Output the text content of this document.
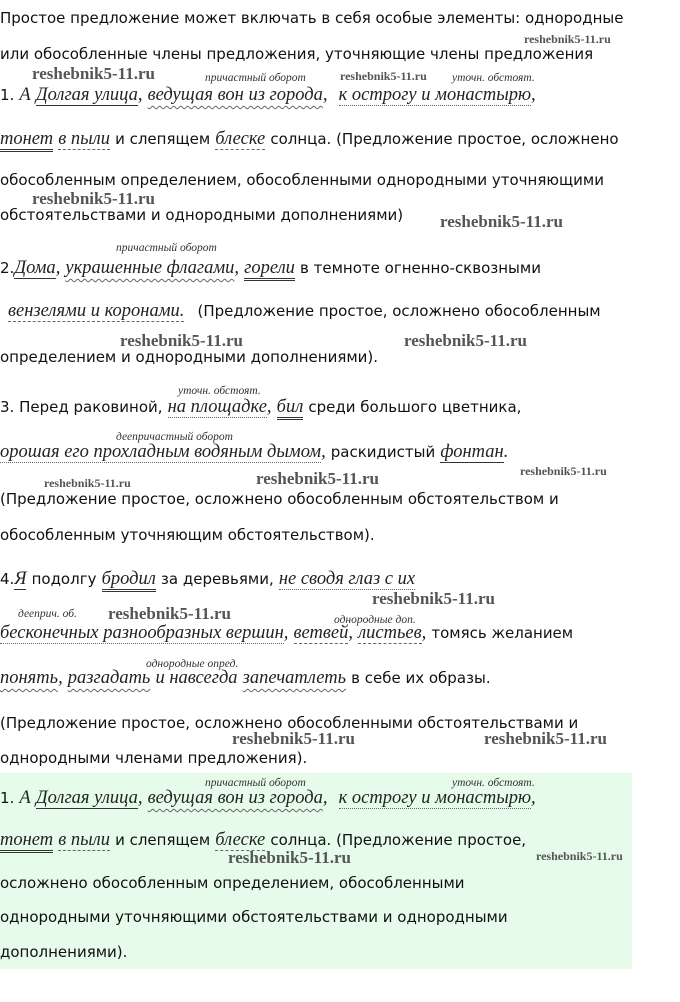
Простое предложение может включать в себя особые элементы: однородные
reshebnik5-11.ru
или обособленные члены предложения, уточняющие члены предложения
reshebnik5-11.ru	причастный оборот	reshebnik5-11.ru уточн. обстоят.
1. А Долгая улица, ведущая вон из города, к острогу и монастырю,
тонет в пыли и слепящем блеске солнца. (Предложение простое, осложнено
обособленным определением, обособленными однородными уточняющими
reshebnik5-11.ru
обстоятельствами и однородными дополнениями) reshebnik5-11.ru
причастный оборот
2.Дома, украшенные флагами, горели в темноте огненно-сквозными
вензелями и коронами. (Предложение простое, осложнено обособленным
reshebnik5-11.ru	reshebnik5-11.ru
определением и однородными дополнениями).
уточн. обстоят.
3. Перед раковиной, на площадке, бил среди большого цветника,
деепричастный оборот
орошая его прохладным водяным дымом, раскидистый фонтан.
reshebnik5-11.ru
reshebnik5-11.ru	reshebnik5-11.ru
(Предложение простое, осложнено обособленным обстоятельством и
обособленным уточняющим обстоятельством).
4.Я подолгу бродил за деревьями, не сводя глаз с их
reshebnik5-11.ru
дееприч. об. reshebnik5-11.ru	однородные доп.
бесконечных разнообразных вершин, ветвей, листьев, томясь желанием
однородные опред.
понять, разгадать и навсегда запечатлеть в себе их образы.
(Предложение простое, осложнено обособленными обстоятельствами и
reshebnik5-11.ru	reshebnik5-11.ru
однородными членами предложения).
причастный оборот	уточн. обстоят.
1. А Долгая улица, ведущая вон из города, к острогу и монастырю,
тонет в пыли и слепящем блеске солнца. (Предложение простое,
reshebnik5-11.ru	reshebnik5-11.ru
осложнено обособленным определением, обособленными
однородными уточняющими обстоятельствами и однородными
дополнениями).
